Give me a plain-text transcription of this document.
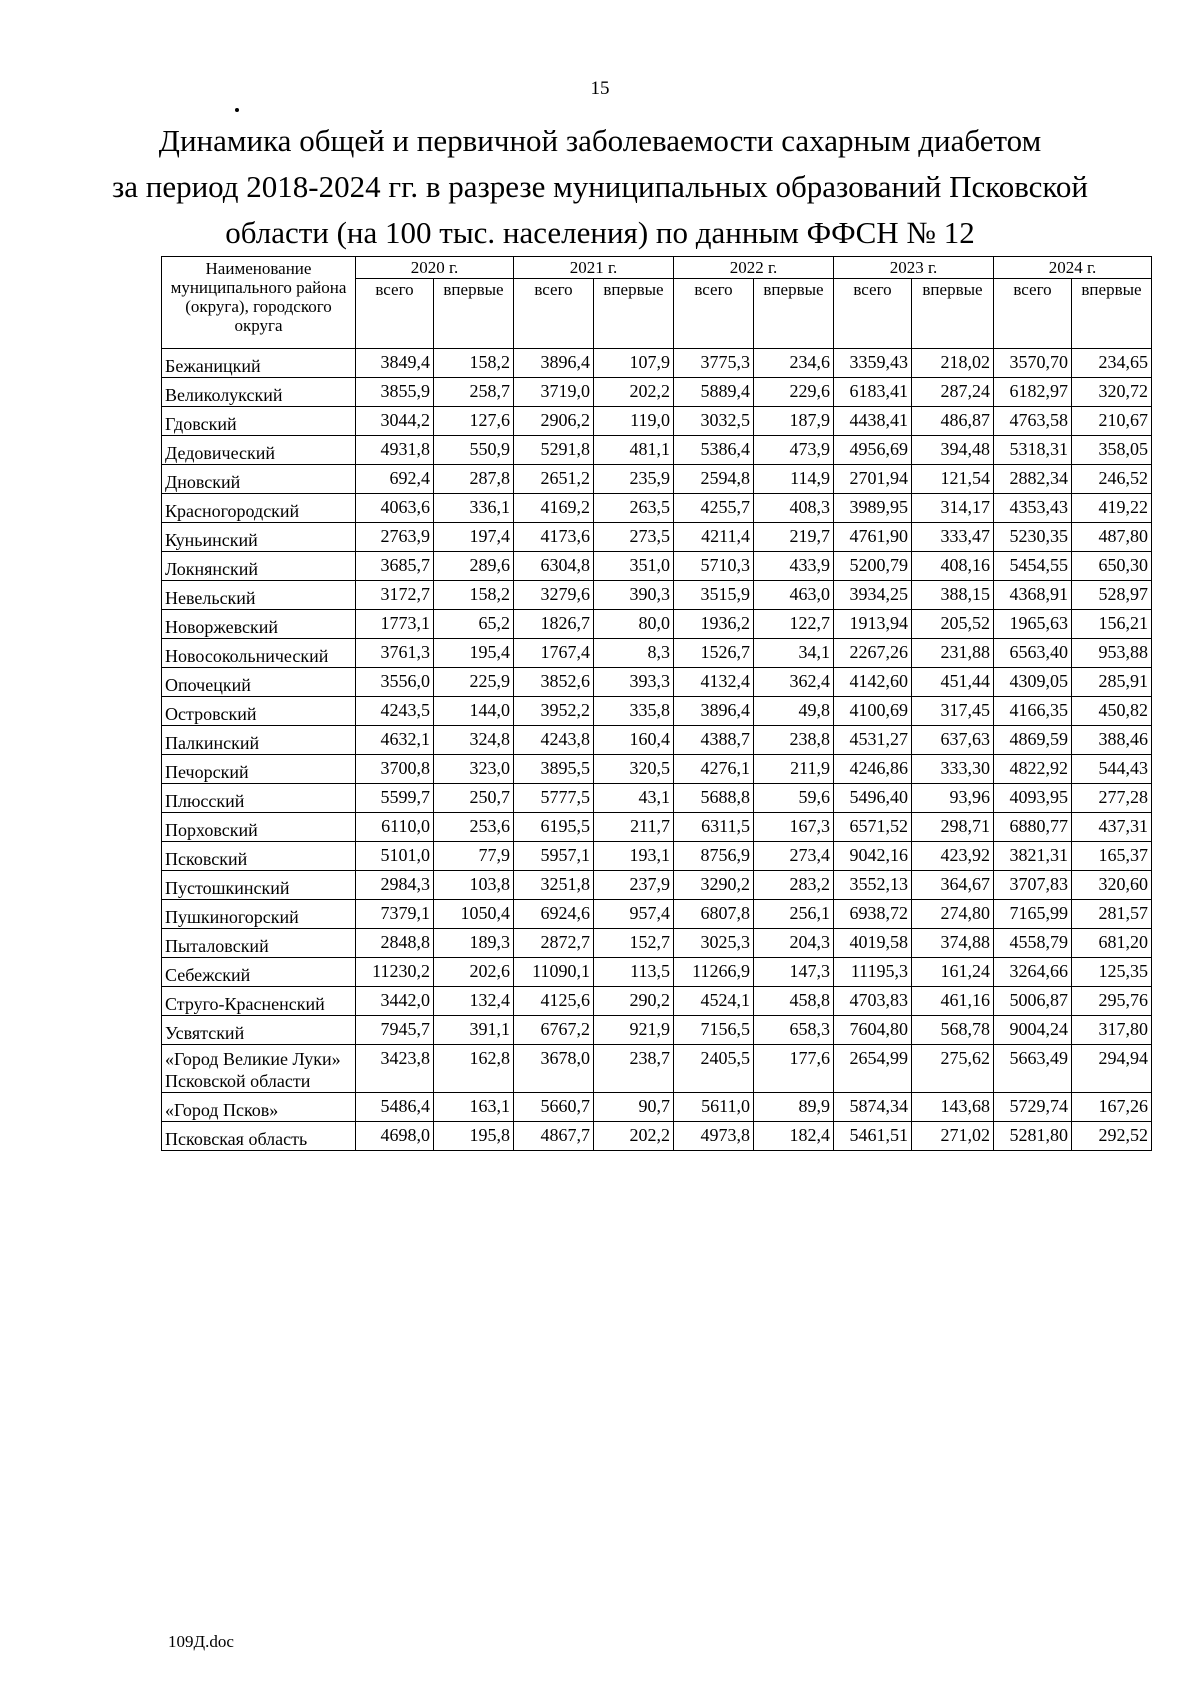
15
Динамика общей и первичной заболеваемости сахарным диабетом
за период 2018-2024 гг. в разрезе муниципальных образований Псковской
области (на 100 тыс. населения) по данным ФФСН № 12
Наименование муниципального района (округа), городского округа	2020 г.		2021 г.		2022 г.		2023 г.		2024 г.	
	всего	впервые	всего	впервые	всего	впервые	всего	впервые	всего	впервые
Бежаницкий	3849,4	158,2	3896,4	107,9	3775,3	234,6	3359,43	218,02	3570,70	234,65
Великолукский	3855,9	258,7	3719,0	202,2	5889,4	229,6	6183,41	287,24	6182,97	320,72
Гдовский	3044,2	127,6	2906,2	119,0	3032,5	187,9	4438,41	486,87	4763,58	210,67
Дедовический	4931,8	550,9	5291,8	481,1	5386,4	473,9	4956,69	394,48	5318,31	358,05
Дновский	692,4	287,8	2651,2	235,9	2594,8	114,9	2701,94	121,54	2882,34	246,52
Красногородский	4063,6	336,1	4169,2	263,5	4255,7	408,3	3989,95	314,17	4353,43	419,22
Куньинский	2763,9	197,4	4173,6	273,5	4211,4	219,7	4761,90	333,47	5230,35	487,80
Локнянский	3685,7	289,6	6304,8	351,0	5710,3	433,9	5200,79	408,16	5454,55	650,30
Невельский	3172,7	158,2	3279,6	390,3	3515,9	463,0	3934,25	388,15	4368,91	528,97
Новоржевский	1773,1	65,2	1826,7	80,0	1936,2	122,7	1913,94	205,52	1965,63	156,21
Новосокольнический	3761,3	195,4	1767,4	8,3	1526,7	34,1	2267,26	231,88	6563,40	953,88
Опочецкий	3556,0	225,9	3852,6	393,3	4132,4	362,4	4142,60	451,44	4309,05	285,91
Островский	4243,5	144,0	3952,2	335,8	3896,4	49,8	4100,69	317,45	4166,35	450,82
Палкинский	4632,1	324,8	4243,8	160,4	4388,7	238,8	4531,27	637,63	4869,59	388,46
Печорский	3700,8	323,0	3895,5	320,5	4276,1	211,9	4246,86	333,30	4822,92	544,43
Плюсский	5599,7	250,7	5777,5	43,1	5688,8	59,6	5496,40	93,96	4093,95	277,28
Порховский	6110,0	253,6	6195,5	211,7	6311,5	167,3	6571,52	298,71	6880,77	437,31
Псковский	5101,0	77,9	5957,1	193,1	8756,9	273,4	9042,16	423,92	3821,31	165,37
Пустошкинский	2984,3	103,8	3251,8	237,9	3290,2	283,2	3552,13	364,67	3707,83	320,60
Пушкиногорский	7379,1	1050,4	6924,6	957,4	6807,8	256,1	6938,72	274,80	7165,99	281,57
Пыталовский	2848,8	189,3	2872,7	152,7	3025,3	204,3	4019,58	374,88	4558,79	681,20
Себежский	11230,2	202,6	11090,1	113,5	11266,9	147,3	11195,3	161,24	3264,66	125,35
Струго-Красненский	3442,0	132,4	4125,6	290,2	4524,1	458,8	4703,83	461,16	5006,87	295,76
Усвятский	7945,7	391,1	6767,2	921,9	7156,5	658,3	7604,80	568,78	9004,24	317,80
«Город Великие Луки» Псковской области	3423,8	162,8	3678,0	238,7	2405,5	177,6	2654,99	275,62	5663,49	294,94
«Город Псков»	5486,4	163,1	5660,7	90,7	5611,0	89,9	5874,34	143,68	5729,74	167,26
Псковская область	4698,0	195,8	4867,7	202,2	4973,8	182,4	5461,51	271,02	5281,80	292,52
109Д.doc
